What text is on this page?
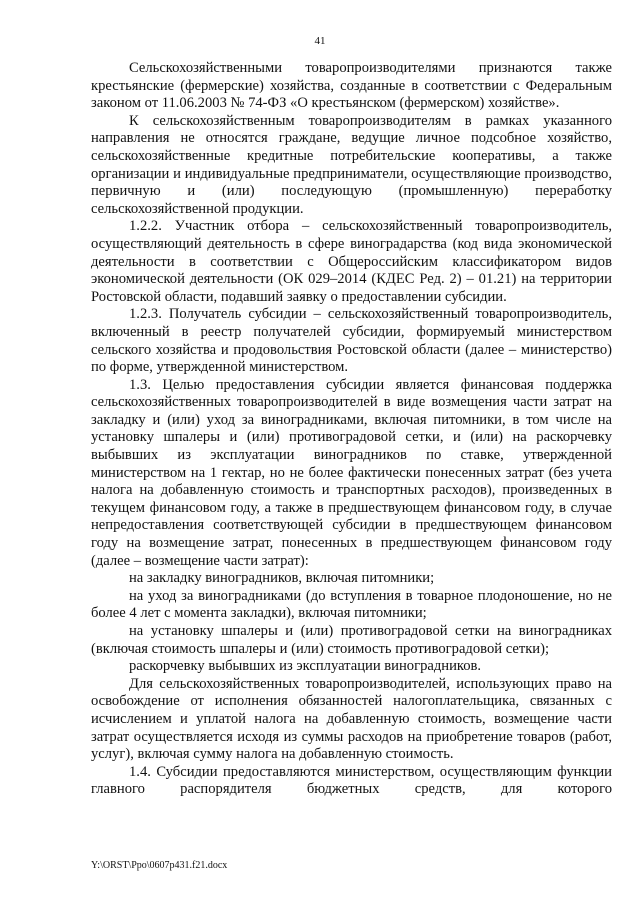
41

Сельскохозяйственными товаропроизводителями признаются также крестьянские (фермерские) хозяйства, созданные в соответствии с Федеральным законом от 11.06.2003 № 74-ФЗ «О крестьянском (фермерском) хозяйстве».

К сельскохозяйственным товаропроизводителям в рамках указанного направления не относятся граждане, ведущие личное подсобное хозяйство, сельскохозяйственные кредитные потребительские кооперативы, а также организации и индивидуальные предприниматели, осуществляющие производство, первичную и (или) последующую (промышленную) переработку сельскохозяйственной продукции.

1.2.2. Участник отбора – сельскохозяйственный товаропроизводитель, осуществляющий деятельность в сфере виноградарства (код вида экономической деятельности в соответствии с Общероссийским классификатором видов экономической деятельности (ОК 029–2014 (КДЕС Ред. 2) – 01.21) на территории Ростовской области, подавший заявку о предоставлении субсидии.

1.2.3. Получатель субсидии – сельскохозяйственный товаропроизводитель, включенный в реестр получателей субсидии, формируемый министерством сельского хозяйства и продовольствия Ростовской области (далее – министерство) по форме, утвержденной министерством.

1.3. Целью предоставления субсидии является финансовая поддержка сельскохозяйственных товаропроизводителей в виде возмещения части затрат на закладку и (или) уход за виноградниками, включая питомники, в том числе на установку шпалеры и (или) противоградовой сетки, и (или) на раскорчевку выбывших из эксплуатации виноградников по ставке, утвержденной министерством на 1 гектар, но не более фактически понесенных затрат (без учета налога на добавленную стоимость и транспортных расходов), произведенных в текущем финансовом году, а также в предшествующем финансовом году, в случае непредоставления соответствующей субсидии в предшествующем финансовом году на возмещение затрат, понесенных в предшествующем финансовом году (далее – возмещение части затрат):

на закладку виноградников, включая питомники;

на уход за виноградниками (до вступления в товарное плодоношение, но не более 4 лет с момента закладки), включая питомники;

на установку шпалеры и (или) противоградовой сетки на виноградниках (включая стоимость шпалеры и (или) стоимость противоградовой сетки);

раскорчевку выбывших из эксплуатации виноградников.

Для сельскохозяйственных товаропроизводителей, использующих право на освобождение от исполнения обязанностей налогоплательщика, связанных с исчислением и уплатой налога на добавленную стоимость, возмещение части затрат осуществляется исходя из суммы расходов на приобретение товаров (работ, услуг), включая сумму налога на добавленную стоимость.

1.4. Субсидии предоставляются министерством, осуществляющим функции главного распорядителя бюджетных средств, для которого

Y:\ORST\Ppo\0607p431.f21.docx
